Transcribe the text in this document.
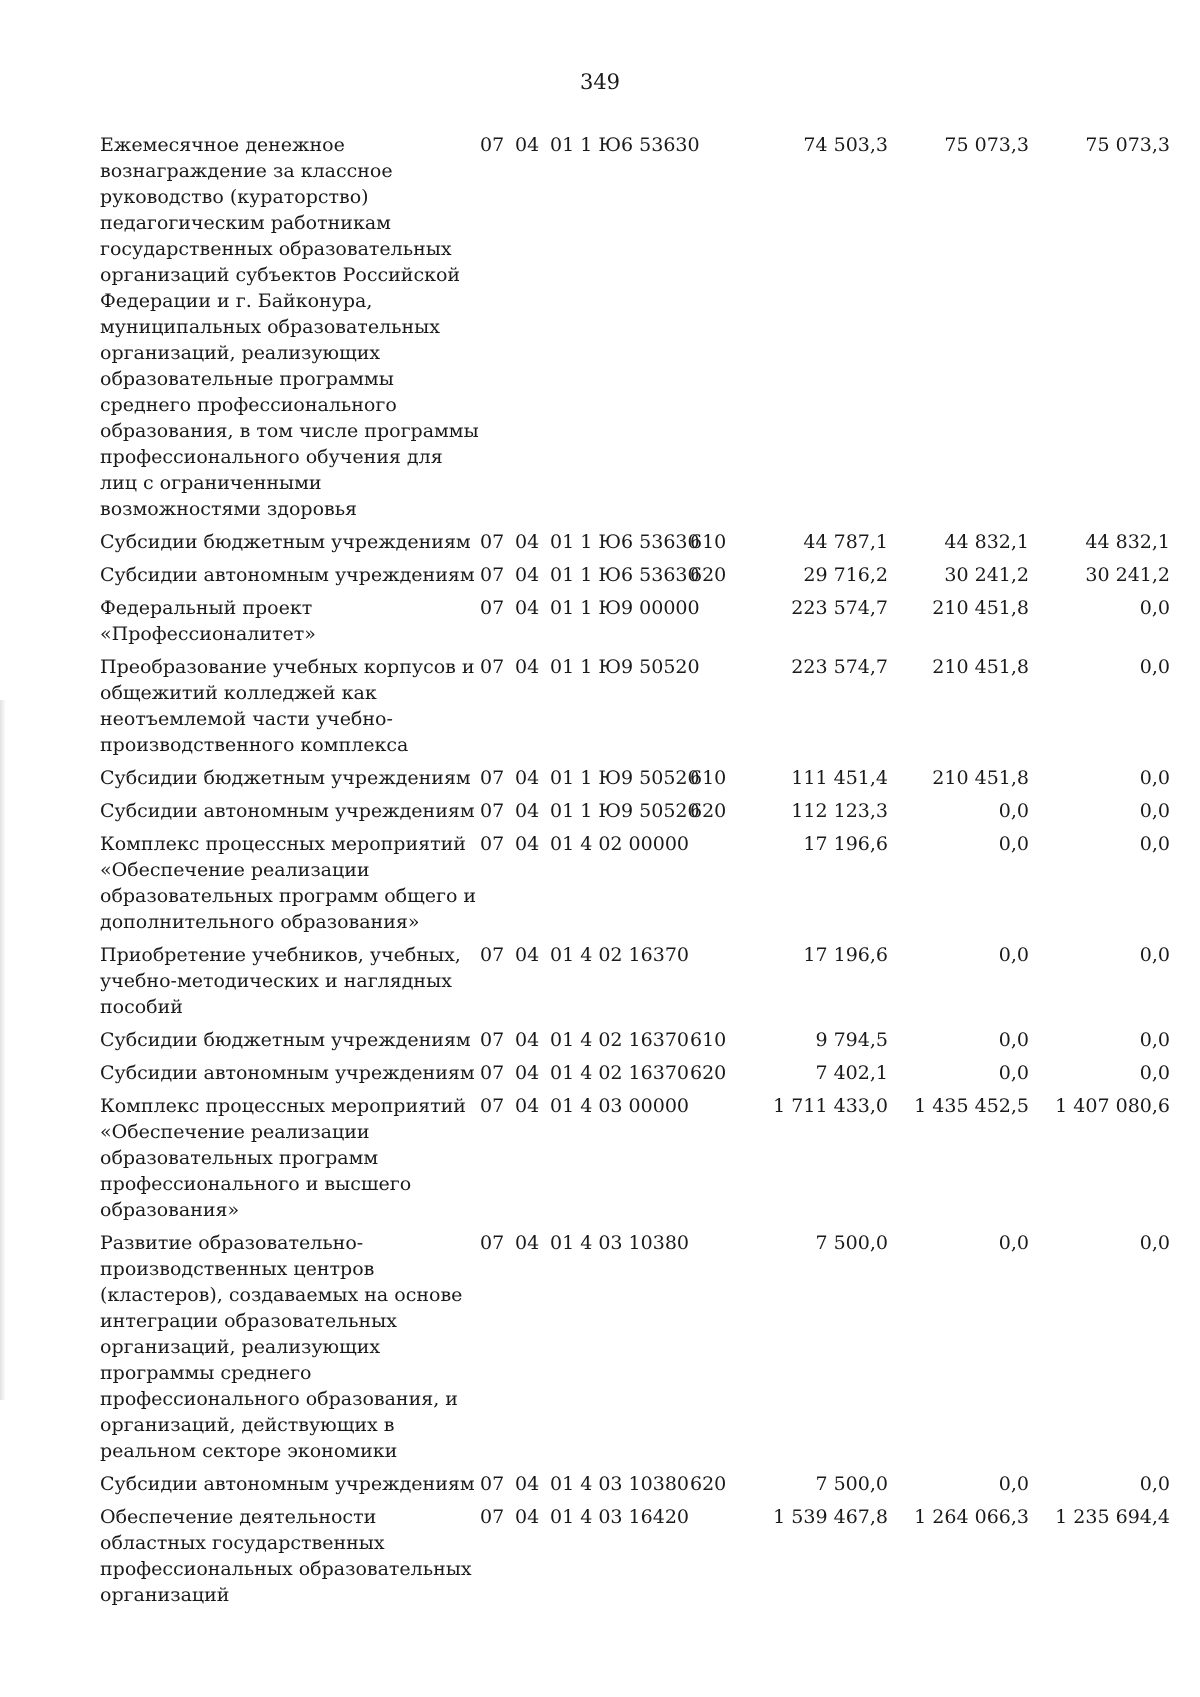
349
Ежемесячное денежное вознаграждение за классное руководство (кураторство) педагогическим работникам государственных образовательных организаций субъектов Российской Федерации и г. Байконура, муниципальных образовательных организаций, реализующих образовательные программы среднего профессионального образования, в том числе программы профессионального обучения для лиц с ограниченными возможностями здоровья	07	04	01 1 Ю6 53630		74 503,3	75 073,3	75 073,3
Субсидии бюджетным учреждениям	07	04	01 1 Ю6 53630	610	44 787,1	44 832,1	44 832,1
Субсидии автономным учреждениям	07	04	01 1 Ю6 53630	620	29 716,2	30 241,2	30 241,2
Федеральный проект «Профессионалитет»	07	04	01 1 Ю9 00000		223 574,7	210 451,8	0,0
Преобразование учебных корпусов и общежитий колледжей как неотъемлемой части учебно-производственного комплекса	07	04	01 1 Ю9 50520		223 574,7	210 451,8	0,0
Субсидии бюджетным учреждениям	07	04	01 1 Ю9 50520	610	111 451,4	210 451,8	0,0
Субсидии автономным учреждениям	07	04	01 1 Ю9 50520	620	112 123,3	0,0	0,0
Комплекс процессных мероприятий «Обеспечение реализации образовательных программ общего и дополнительного образования»	07	04	01 4 02 00000		17 196,6	0,0	0,0
Приобретение учебников, учебных, учебно-методических и наглядных пособий	07	04	01 4 02 16370		17 196,6	0,0	0,0
Субсидии бюджетным учреждениям	07	04	01 4 02 16370	610	9 794,5	0,0	0,0
Субсидии автономным учреждениям	07	04	01 4 02 16370	620	7 402,1	0,0	0,0
Комплекс процессных мероприятий «Обеспечение реализации образовательных программ профессионального и высшего образования»	07	04	01 4 03 00000		1 711 433,0	1 435 452,5	1 407 080,6
Развитие образовательно-производственных центров (кластеров), создаваемых на основе интеграции образовательных организаций, реализующих программы среднего профессионального образования, и организаций, действующих в реальном секторе экономики	07	04	01 4 03 10380		7 500,0	0,0	0,0
Субсидии автономным учреждениям	07	04	01 4 03 10380	620	7 500,0	0,0	0,0
Обеспечение деятельности областных государственных профессиональных образовательных организаций	07	04	01 4 03 16420		1 539 467,8	1 264 066,3	1 235 694,4
